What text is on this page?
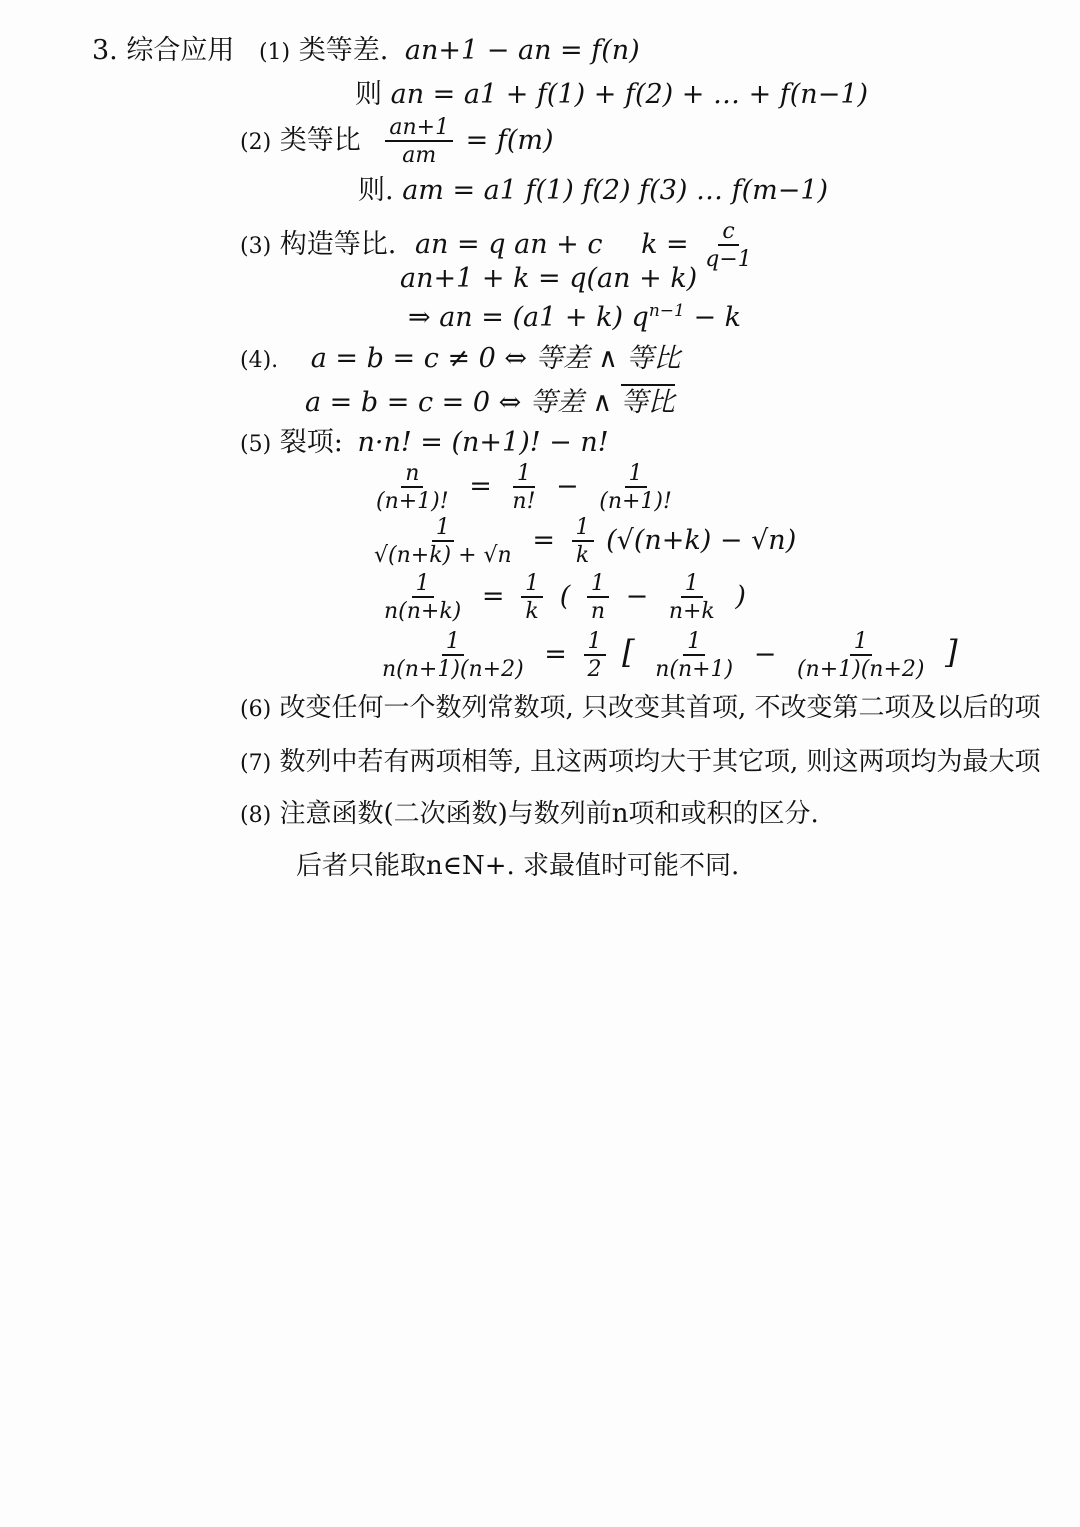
3. 综合应用 (1) 类等差. an+1 − an = f(n)
则 an = a1 + f(1) + f(2) + … + f(n−1)
(2) 类等比 $\frac{an+1}{am} = f(m)$
则. am = a1 f(1) f(2) f(3) … f(m−1)
(3) 构造等比. an = q an + c $k = \frac{c}{q-1}$
an+1 + k = q(an + k)
⇒ an = (a1 + k) $q^{n-1} - k$
(4). a = b = c ≠ 0 ⇔ 等差 ∧ 等比
a = b = c = 0 ⇔ 等差 ∧ 等比
(5) 裂项: n·n! = (n+1)! − n!
$\frac{n}{(n+1)!} = \frac{1}{n!} - \frac{1}{(n+1)!}$
$\frac{1}{√(n+k) + √n} = \frac{1}{k} (√(n+k) - √n)$
$\frac{1}{n(n+k)} = \frac{1}{k}$ ( $\frac{1}{n} - \frac{1}{n+k}$ )
$\frac{1}{n(n+1)(n+2)} = \frac{1}{2}$ [ $\frac{1}{n(n+1)} - \frac{1}{(n+1)(n+2)}$ ]
(6) 改变任何一个数列常数项, 只改变其首项, 不改变第二项及以后的项
(7) 数列中若有两项相等, 且这两项均大于其它项, 则这两项均为最大项
(8) 注意函数(二次函数)与数列前n项和或积的区分.
后者只能取n∈N+. 求最值时可能不同.
